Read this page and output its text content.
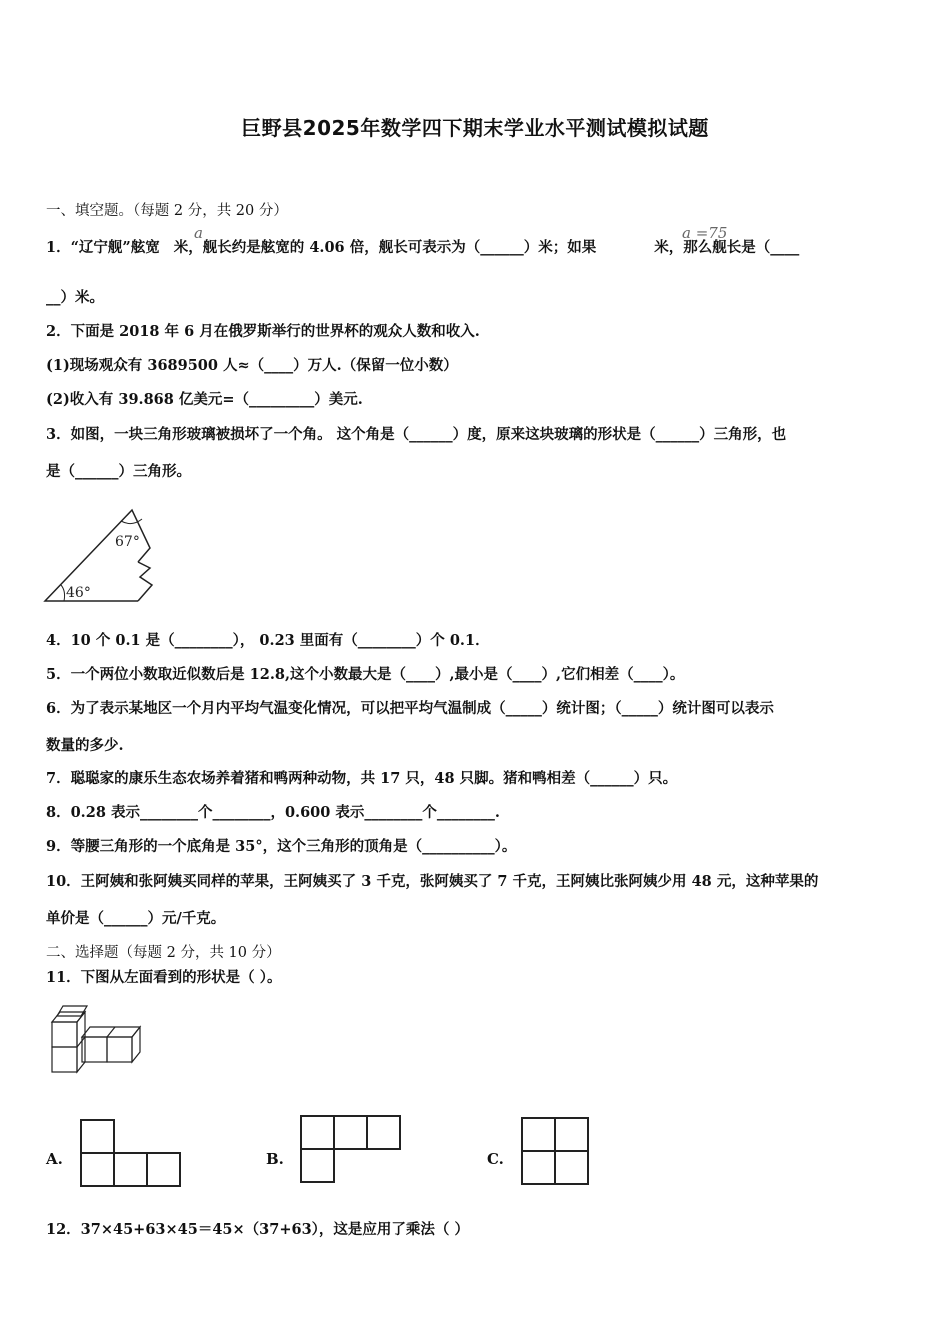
巨野县2025年数学四下期末学业水平测试模拟试题
一、填空题。（每题 2 分，共 20 分）
1．“辽宁舰”舷宽 米，舰长约是舷宽的 4.06 倍，舰长可表示为（______）米；如果	米，那么舰长是（____
a	a =75
__）米。
2．下面是 2018 年 6 月在俄罗斯举行的世界杯的观众人数和收入.
(1)现场观众有 3689500 人≈（____）万人.（保留一位小数）
(2)收入有 39.868 亿美元=（_________）美元.
3．如图，一块三角形玻璃被损坏了一个角。 这个角是（______）度，原来这块玻璃的形状是（______）三角形，也
是（______）三角形。
67°
46°
4．10 个 0.1 是（________）， 0.23 里面有（________）个 0.1．
5．一个两位小数取近似数后是 12.8,这个小数最大是（____）,最小是（____）,它们相差（____）。
6．为了表示某地区一个月内平均气温变化情况，可以把平均气温制成（_____）统计图；（_____）统计图可以表示
数量的多少.
7．聪聪家的康乐生态农场养着猪和鸭两种动物，共 17 只，48 只脚。猪和鸭相差（______）只。
8．0.28 表示________个________，0.600 表示________个________.
9．等腰三角形的一个底角是 35°，这个三角形的顶角是（__________）。
10．王阿姨和张阿姨买同样的苹果，王阿姨买了 3 千克，张阿姨买了 7 千克，王阿姨比张阿姨少用 48 元，这种苹果的
单价是（______）元/千克。
二、选择题（每题 2 分，共 10 分）
11．下图从左面看到的形状是（ ）。
A.	B.	C.
12．37×45+63×45＝45×（37+63），这是应用了乘法（ ）
